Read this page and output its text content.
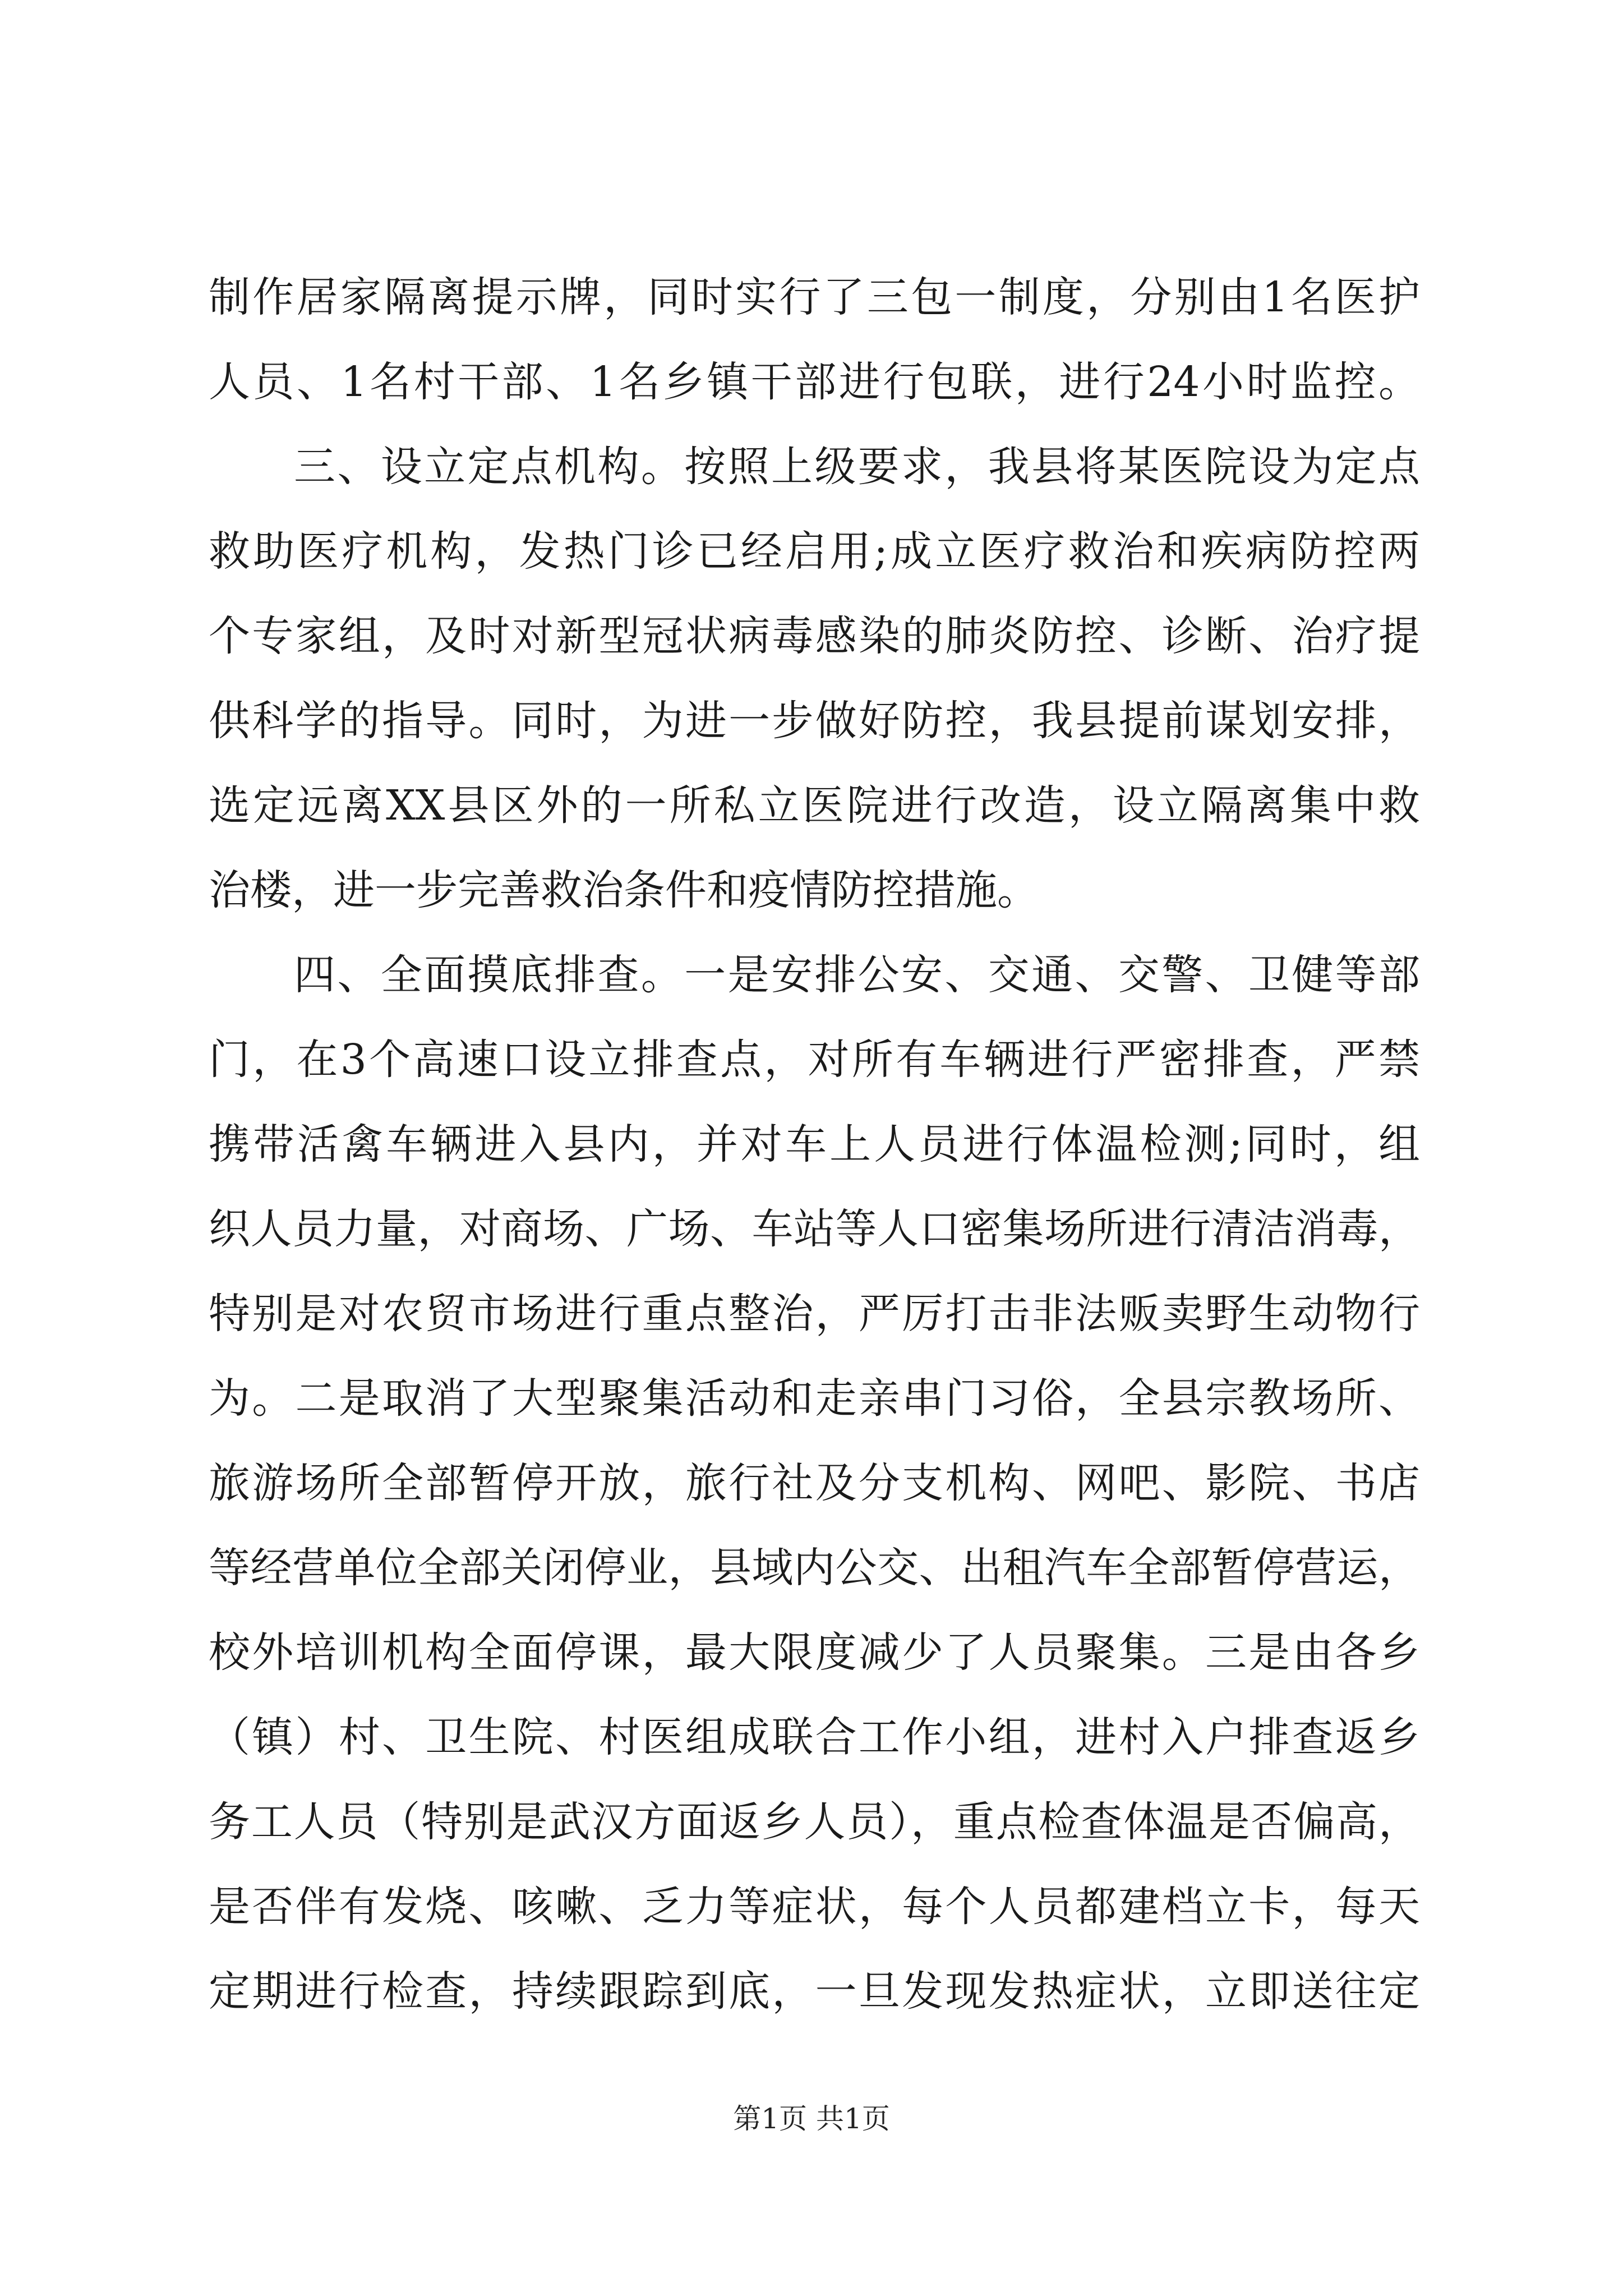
制作居家隔离提示牌，同时实行了三包一制度，分别由1名医护
人员、1名村干部、1名乡镇干部进行包联，进行24小时监控。
三、设立定点机构。按照上级要求，我县将某医院设为定点
救助医疗机构，发热门诊已经启用;成立医疗救治和疾病防控两
个专家组，及时对新型冠状病毒感染的肺炎防控、诊断、治疗提
供科学的指导。同时，为进一步做好防控，我县提前谋划安排，
选定远离XX县区外的一所私立医院进行改造，设立隔离集中救
治楼，进一步完善救治条件和疫情防控措施。
四、全面摸底排查。一是安排公安、交通、交警、卫健等部
门，在3个高速口设立排查点，对所有车辆进行严密排查，严禁
携带活禽车辆进入县内，并对车上人员进行体温检测;同时，组
织人员力量，对商场、广场、车站等人口密集场所进行清洁消毒，
特别是对农贸市场进行重点整治，严厉打击非法贩卖野生动物行
为。二是取消了大型聚集活动和走亲串门习俗，全县宗教场所、
旅游场所全部暂停开放，旅行社及分支机构、网吧、影院、书店
等经营单位全部关闭停业，县域内公交、出租汽车全部暂停营运，
校外培训机构全面停课，最大限度减少了人员聚集。三是由各乡
（镇）村、卫生院、村医组成联合工作小组，进村入户排查返乡
务工人员（特别是武汉方面返乡人员），重点检查体温是否偏高，
是否伴有发烧、咳嗽、乏力等症状，每个人员都建档立卡，每天
定期进行检查，持续跟踪到底，一旦发现发热症状，立即送往定
第1页 共1页
